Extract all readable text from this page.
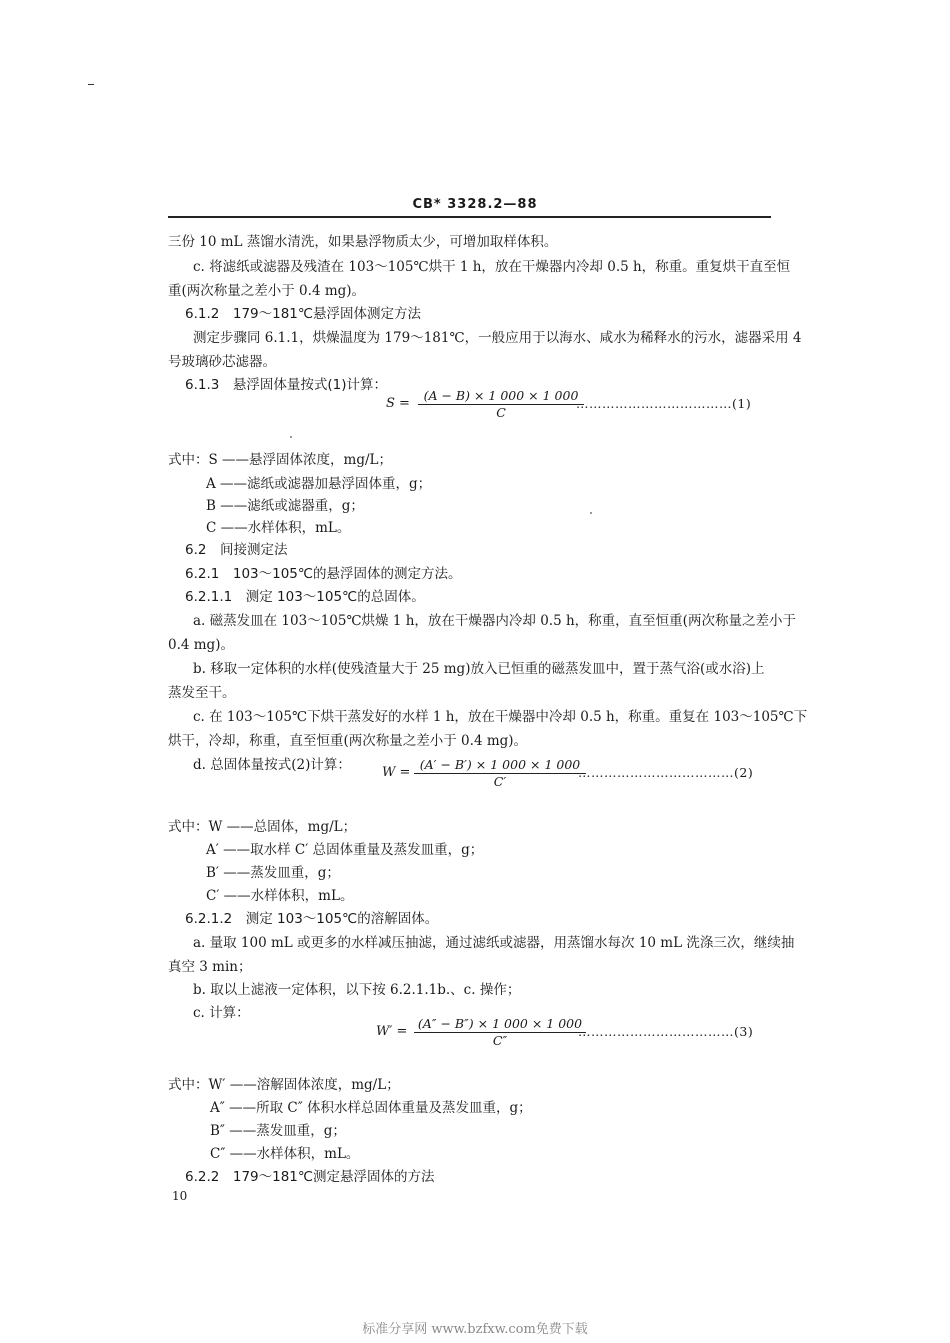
CB* 3328.2—88
三份 10 mL 蒸馏水清洗，如果悬浮物质太少，可增加取样体积。
c. 将滤纸或滤器及残渣在 103～105℃烘干 1 h，放在干燥器内冷却 0.5 h，称重。重复烘干直至恒
重(两次称量之差小于 0.4 mg)。
6.1.2　179～181℃悬浮固体测定方法
测定步骤同 6.1.1，烘燥温度为 179～181℃，一般应用于以海水、咸水为稀释水的污水，滤器采用 4
号玻璃砂芯滤器。
6.1.3　悬浮固体量按式(1)计算：
S =
(A − B) × 1 000 × 1 000
C
………………………………(1)
式中：S ——悬浮固体浓度，mg/L；
A ——滤纸或滤器加悬浮固体重，g；
B ——滤纸或滤器重，g；
C ——水样体积，mL。
6.2　间接测定法
6.2.1　103～105℃的悬浮固体的测定方法。
6.2.1.1　测定 103～105℃的总固体。
a. 磁蒸发皿在 103～105℃烘燥 1 h，放在干燥器内冷却 0.5 h，称重，直至恒重(两次称量之差小于
0.4 mg)。
b. 移取一定体积的水样(使残渣量大于 25 mg)放入已恒重的磁蒸发皿中，置于蒸气浴(或水浴)上
蒸发至干。
c. 在 103～105℃下烘干蒸发好的水样 1 h，放在干燥器中冷却 0.5 h，称重。重复在 103～105℃下
烘干，冷却，称重，直至恒重(两次称量之差小于 0.4 mg)。
d. 总固体量按式(2)计算： W =
(A′ − B′) × 1 000 × 1 000
C′
………………………………(2)
式中：W ——总固体，mg/L；
A′ ——取水样 C′ 总固体重量及蒸发皿重，g；
B′ ——蒸发皿重，g；
C′ ——水样体积，mL。
6.2.1.2　测定 103～105℃的溶解固体。
a. 量取 100 mL 或更多的水样减压抽滤，通过滤纸或滤器，用蒸馏水每次 10 mL 洗涤三次，继续抽
真空 3 min；
b. 取以上滤液一定体积，以下按 6.2.1.1b.、c. 操作；
c. 计算：
W′ =
(A″ − B″) × 1 000 × 1 000
C″
………………………………(3)
式中：W′ ——溶解固体浓度，mg/L；
A″ ——所取 C″ 体积水样总固体重量及蒸发皿重，g；
B″ ——蒸发皿重，g；
C″ ——水样体积，mL。
6.2.2　179～181℃测定悬浮固体的方法
10
标准分享网 www.bzfxw.com免费下载
